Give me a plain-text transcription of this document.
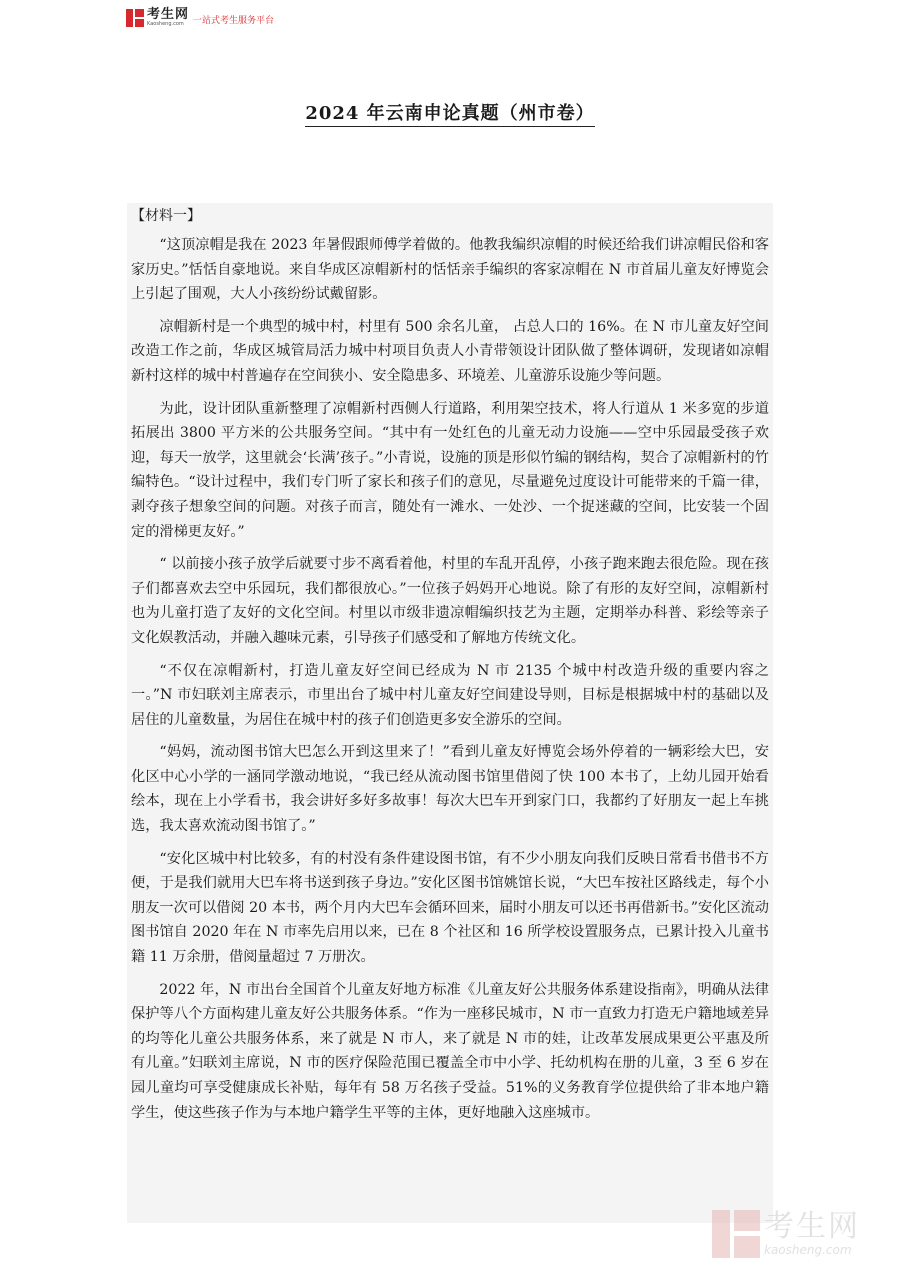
考生网
Kaosheng.com	一站式考生服务平台
2024 年云南申论真题（州市卷）

【材料一】

“这顶凉帽是我在 2023 年暑假跟师傅学着做的。他教我编织凉帽的时候还给我们讲凉帽民俗和客家历史。”恬恬自豪地说。来自华成区凉帽新村的恬恬亲手编织的客家凉帽在 N 市首届儿童友好博览会上引起了围观，大人小孩纷纷试戴留影。

凉帽新村是一个典型的城中村，村里有 500 余名儿童， 占总人口的 16%。在 N 市儿童友好空间改造工作之前，华成区城管局活力城中村项目负责人小青带领设计团队做了整体调研，发现诸如凉帽新村这样的城中村普遍存在空间狭小、安全隐患多、环境差、儿童游乐设施少等问题。

为此，设计团队重新整理了凉帽新村西侧人行道路，利用架空技术，将人行道从 1 米多宽的步道拓展出 3800 平方米的公共服务空间。“其中有一处红色的儿童无动力设施——空中乐园最受孩子欢迎，每天一放学，这里就会‘长满’孩子。”小青说，设施的顶是形似竹编的钢结构，契合了凉帽新村的竹编特色。“设计过程中，我们专门听了家长和孩子们的意见，尽量避免过度设计可能带来的千篇一律，剥夺孩子想象空间的问题。对孩子而言，随处有一滩水、一处沙、一个捉迷藏的空间，比安装一个固定的滑梯更友好。”

“ 以前接小孩子放学后就要寸步不离看着他，村里的车乱开乱停，小孩子跑来跑去很危险。现在孩子们都喜欢去空中乐园玩，我们都很放心。”一位孩子妈妈开心地说。除了有形的友好空间，凉帽新村也为儿童打造了友好的文化空间。村里以市级非遗凉帽编织技艺为主题，定期举办科普、彩绘等亲子文化娱教活动，并融入趣味元素，引导孩子们感受和了解地方传统文化。

“不仅在凉帽新村，打造儿童友好空间已经成为 N 市 2135 个城中村改造升级的重要内容之一。”N 市妇联刘主席表示，市里出台了城中村儿童友好空间建设导则，目标是根据城中村的基础以及居住的儿童数量，为居住在城中村的孩子们创造更多安全游乐的空间。

“妈妈，流动图书馆大巴怎么开到这里来了！”看到儿童友好博览会场外停着的一辆彩绘大巴，安化区中心小学的一涵同学激动地说，“我已经从流动图书馆里借阅了快 100 本书了，上幼儿园开始看绘本，现在上小学看书，我会讲好多好多故事！每次大巴车开到家门口，我都约了好朋友一起上车挑选，我太喜欢流动图书馆了。”

“安化区城中村比较多，有的村没有条件建设图书馆，有不少小朋友向我们反映日常看书借书不方便，于是我们就用大巴车将书送到孩子身边。”安化区图书馆姚馆长说，“大巴车按社区路线走，每个小朋友一次可以借阅 20 本书，两个月内大巴车会循环回来，届时小朋友可以还书再借新书。”安化区流动图书馆自 2020 年在 N 市率先启用以来，已在 8 个社区和 16 所学校设置服务点，已累计投入儿童书籍 11 万余册，借阅量超过 7 万册次。

2022 年，N 市出台全国首个儿童友好地方标准《儿童友好公共服务体系建设指南》，明确从法律保护等八个方面构建儿童友好公共服务体系。“作为一座移民城市，N 市一直致力打造无户籍地域差异的均等化儿童公共服务体系，来了就是 N 市人，来了就是 N 市的娃，让改革发展成果更公平惠及所有儿童。”妇联刘主席说，N 市的医疗保险范围已覆盖全市中小学、托幼机构在册的儿童，3 至 6 岁在园儿童均可享受健康成长补贴，每年有 58 万名孩子受益。51%的义务教育学位提供给了非本地户籍学生，使这些孩子作为与本地户籍学生平等的主体，更好地融入这座城市。

考生网
kaosheng.com
